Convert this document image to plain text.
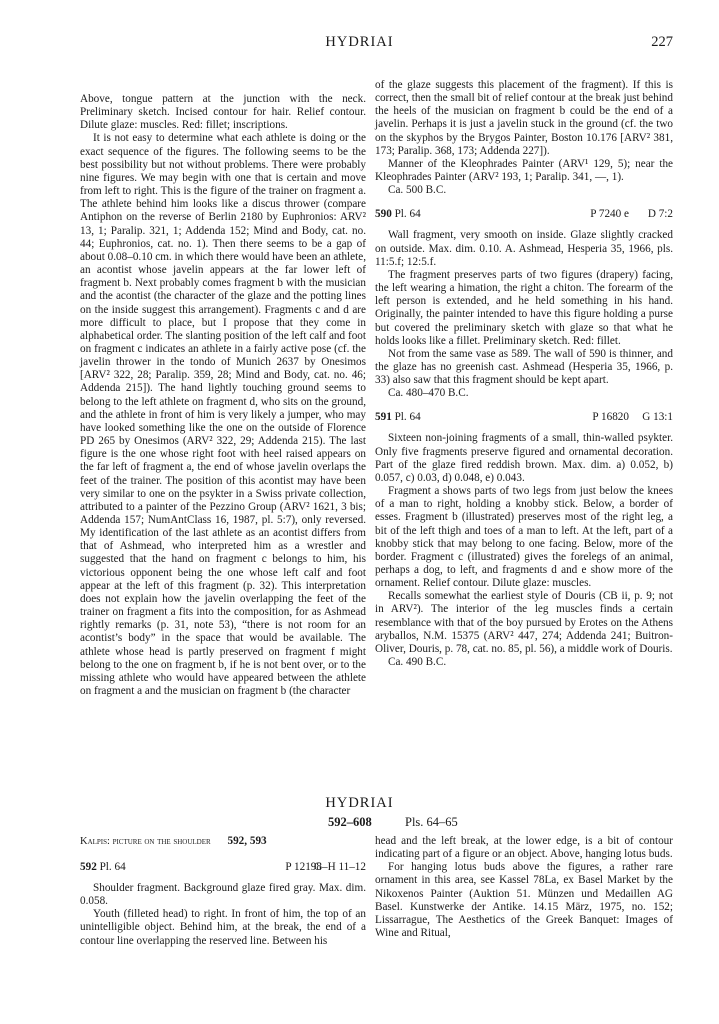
HYDRIAI	227

Above, tongue pattern at the junction with the neck. Preliminary sketch. Incised contour for hair. Relief contour. Dilute glaze: muscles. Red: fillet; inscriptions.

It is not easy to determine what each athlete is doing or the exact sequence of the figures. The following seems to be the best possibility but not without problems. There were probably nine figures. We may begin with one that is certain and move from left to right. This is the figure of the trainer on fragment a. The athlete behind him looks like a discus thrower (compare Antiphon on the reverse of Berlin 2180 by Euphronios: ARV² 13, 1; Paralip. 321, 1; Addenda 152; Mind and Body, cat. no. 44; Euphronios, cat. no. 1). Then there seems to be a gap of about 0.08–0.10 cm. in which there would have been an athlete, an acontist whose javelin appears at the far lower left of fragment b. Next probably comes fragment b with the musician and the acontist (the character of the glaze and the potting lines on the inside suggest this arrangement). Fragments c and d are more difficult to place, but I propose that they come in alphabetical order. The slanting position of the left calf and foot on fragment c indicates an athlete in a fairly active pose (cf. the javelin thrower in the tondo of Munich 2637 by Onesimos [ARV² 322, 28; Paralip. 359, 28; Mind and Body, cat. no. 46; Addenda 215]). The hand lightly touching ground seems to belong to the left athlete on fragment d, who sits on the ground, and the athlete in front of him is very likely a jumper, who may have looked something like the one on the outside of Florence PD 265 by Onesimos (ARV² 322, 29; Addenda 215). The last figure is the one whose right foot with heel raised appears on the far left of fragment a, the end of whose javelin overlaps the feet of the trainer. The position of this acontist may have been very similar to one on the psykter in a Swiss private collection, attributed to a painter of the Pezzino Group (ARV² 1621, 3 bis; Addenda 157; NumAntClass 16, 1987, pl. 5:7), only reversed. My identification of the last athlete as an acontist differs from that of Ashmead, who interpreted him as a wrestler and suggested that the hand on fragment c belongs to him, his victorious opponent being the one whose left calf and foot appear at the left of this fragment (p. 32). This interpretation does not explain how the javelin overlapping the feet of the trainer on fragment a fits into the composition, for as Ashmead rightly remarks (p. 31, note 53), “there is not room for an acontist’s body” in the space that would be available. The athlete whose head is partly preserved on fragment f might belong to the one on fragment b, if he is not bent over, or to the missing athlete who would have appeared between the athlete on fragment a and the musician on fragment b (the character

of the glaze suggests this placement of the fragment). If this is correct, then the small bit of relief contour at the break just behind the heels of the musician on fragment b could be the end of a javelin. Perhaps it is just a javelin stuck in the ground (cf. the two on the skyphos by the Brygos Painter, Boston 10.176 [ARV² 381, 173; Paralip. 368, 173; Addenda 227]).

Manner of the Kleophrades Painter (ARV¹ 129, 5); near the Kleophrades Painter (ARV² 193, 1; Paralip. 341, —, 1).

Ca. 500 B.C.

590 Pl. 64	P 7240 e D 7:2

Wall fragment, very smooth on inside. Glaze slightly cracked on outside. Max. dim. 0.10. A. Ashmead, Hesperia 35, 1966, pls. 11:5.f; 12:5.f.

The fragment preserves parts of two figures (drapery) facing, the left wearing a himation, the right a chiton. The forearm of the left person is extended, and he held something in his hand. Originally, the painter intended to have this figure holding a purse but covered the preliminary sketch with glaze so that what he holds looks like a fillet. Preliminary sketch. Red: fillet.

Not from the same vase as 589. The wall of 590 is thinner, and the glaze has no greenish cast. Ashmead (Hesperia 35, 1966, p. 33) also saw that this fragment should be kept apart.

Ca. 480–470 B.C.

591 Pl. 64	P 16820 G 13:1

Sixteen non-joining fragments of a small, thin-walled psykter. Only five fragments preserve figured and ornamental decoration. Part of the glaze fired reddish brown. Max. dim. a) 0.052, b) 0.057, c) 0.03, d) 0.048, e) 0.043.

Fragment a shows parts of two legs from just below the knees of a man to right, holding a knobby stick. Below, a border of esses. Fragment b (illustrated) preserves most of the right leg, a bit of the left thigh and toes of a man to left. At the left, part of a knobby stick that may belong to one facing. Below, more of the border. Fragment c (illustrated) gives the forelegs of an animal, perhaps a dog, to left, and fragments d and e show more of the ornament. Relief contour. Dilute glaze: muscles.

Recalls somewhat the earliest style of Douris (CB ii, p. 9; not in ARV²). The interior of the leg muscles finds a certain resemblance with that of the boy pursued by Erotes on the Athens aryballos, N.M. 15375 (ARV² 447, 274; Addenda 241; Buitron-Oliver, Douris, p. 78, cat. no. 85, pl. 56), a middle work of Douris.

Ca. 490 B.C.

HYDRIAI
592–608	Pls. 64–65
Kalpis: picture on the shoulder 592, 593
592 Pl. 64	P 12198
G–H 11–12

Shoulder fragment. Background glaze fired gray. Max. dim. 0.058.

Youth (filleted head) to right. In front of him, the top of an unintelligible object. Behind him, at the break, the end of a contour line overlapping the reserved line. Between his

head and the left break, at the lower edge, is a bit of contour indicating part of a figure or an object. Above, hanging lotus buds.

For hanging lotus buds above the figures, a rather rare ornament in this area, see Kassel 78La, ex Basel Market by the Nikoxenos Painter (Auktion 51. Münzen und Medaillen AG Basel. Kunstwerke der Antike. 14.15 März, 1975, no. 152; Lissarrague, The Aesthetics of the Greek Banquet: Images of Wine and Ritual,
